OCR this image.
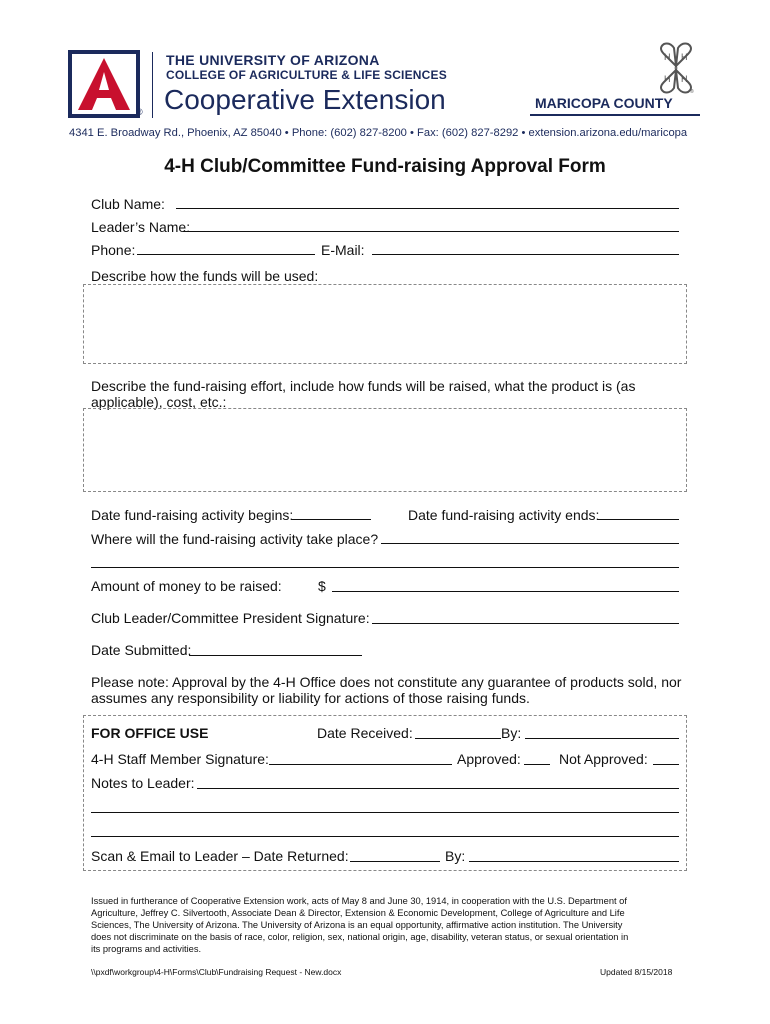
®
THE UNIVERSITY OF ARIZONA
COLLEGE OF AGRICULTURE & LIFE SCIENCES
Cooperative Extension
H H
H H
®
MARICOPA COUNTY
4341 E. Broadway Rd., Phoenix, AZ 85040 • Phone: (602) 827-8200 • Fax: (602) 827-8292 • extension.arizona.edu/maricopa
4-H Club/Committee Fund-raising Approval Form
Club Name:
Leader’s Name:
Phone:	E-Mail:
Describe how the funds will be used:
Describe the fund-raising effort, include how funds will be raised, what the product is (as
applicable), cost, etc.:
Date fund-raising activity begins:	Date fund-raising activity ends:
Where will the fund-raising activity take place?
Amount of money to be raised:	$
Club Leader/Committee President Signature:
Date Submitted:
Please note: Approval by the 4-H Office does not constitute any guarantee of products sold, nor
assumes any responsibility or liability for actions of those raising funds.
FOR OFFICE USE	Date Received:	By:
4-H Staff Member Signature:	Approved:	Not Approved:
Notes to Leader:
Scan & Email to Leader – Date Returned:	By:
Issued in furtherance of Cooperative Extension work, acts of May 8 and June 30, 1914, in cooperation with the U.S. Department of
Agriculture, Jeffrey C. Silvertooth, Associate Dean & Director, Extension & Economic Development, College of Agriculture and Life
Sciences, The University of Arizona. The University of Arizona is an equal opportunity, affirmative action institution. The University
does not discriminate on the basis of race, color, religion, sex, national origin, age, disability, veteran status, or sexual orientation in
its programs and activities.
\\pxdf\workgroup\4-H\Forms\Club\Fundraising Request - New.docx	Updated 8/15/2018
